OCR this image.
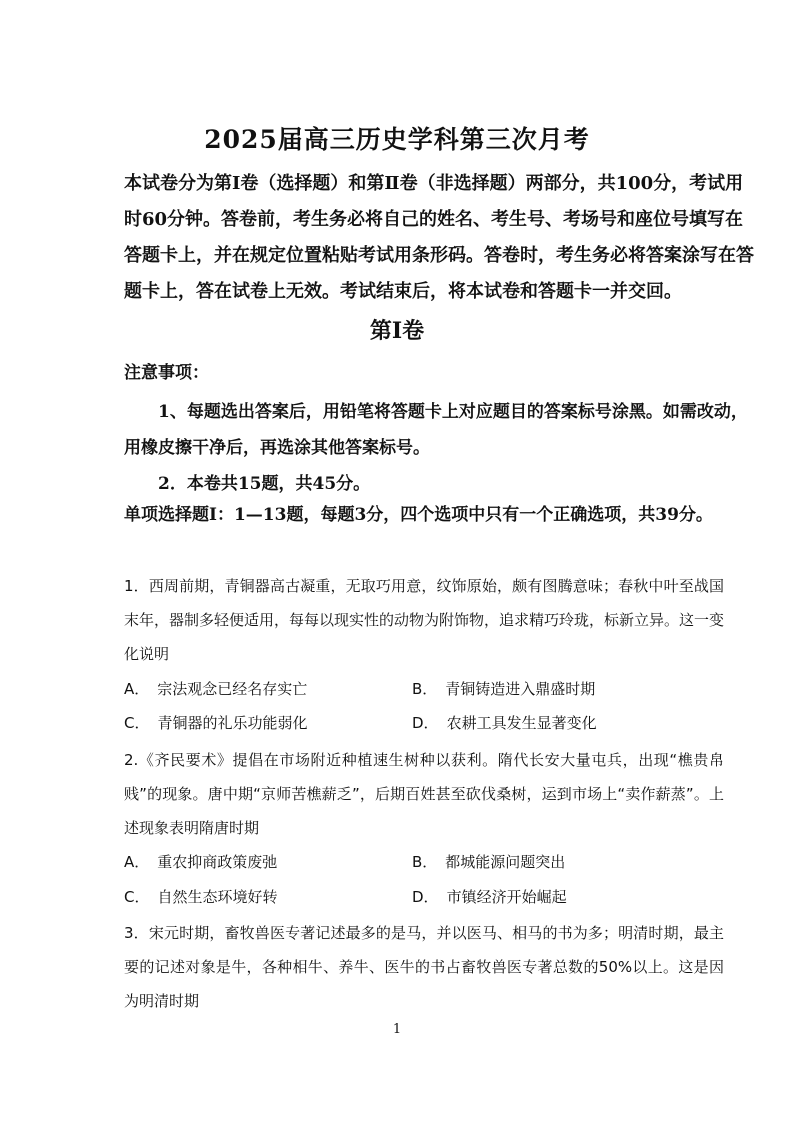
2025届高三历史学科第三次月考
本试卷分为第Ⅰ卷（选择题）和第Ⅱ卷（非选择题）两部分，共100分，考试用时60分钟。答卷前，考生务必将自己的姓名、考生号、考场号和座位号填写在答题卡上，并在规定位置粘贴考试用条形码。答卷时，考生务必将答案涂写在答题卡上，答在试卷上无效。考试结束后，将本试卷和答题卡一并交回。
第Ⅰ卷
注意事项：
1、每题选出答案后，用铅笔将答题卡上对应题目的答案标号涂黑。如需改动，用橡皮擦干净后，再选涂其他答案标号。
2．本卷共15题，共45分。
单项选择题Ⅰ：1—13题，每题3分，四个选项中只有一个正确选项，共39分。
1．西周前期，青铜器高古凝重，无取巧用意，纹饰原始，颇有图腾意味；春秋中叶至战国末年，器制多轻便适用，每每以现实性的动物为附饰物，追求精巧玲珑，标新立异。这一变化说明
A． 宗法观念已经名存实亡	B． 青铜铸造进入鼎盛时期
C． 青铜器的礼乐功能弱化	D． 农耕工具发生显著变化
2.《齐民要术》提倡在市场附近种植速生树种以获利。隋代长安大量屯兵，出现“樵贵帛贱”的现象。唐中期“京师苦樵薪乏”，后期百姓甚至砍伐桑树，运到市场上“卖作薪蒸”。上述现象表明隋唐时期
A． 重农抑商政策废弛	B． 都城能源问题突出
C． 自然生态环境好转	D． 市镇经济开始崛起
3．宋元时期，畜牧兽医专著记述最多的是马，并以医马、相马的书为多；明清时期，最主要的记述对象是牛，各种相牛、养牛、医牛的书占畜牧兽医专著总数的50%以上。这是因为明清时期
1
